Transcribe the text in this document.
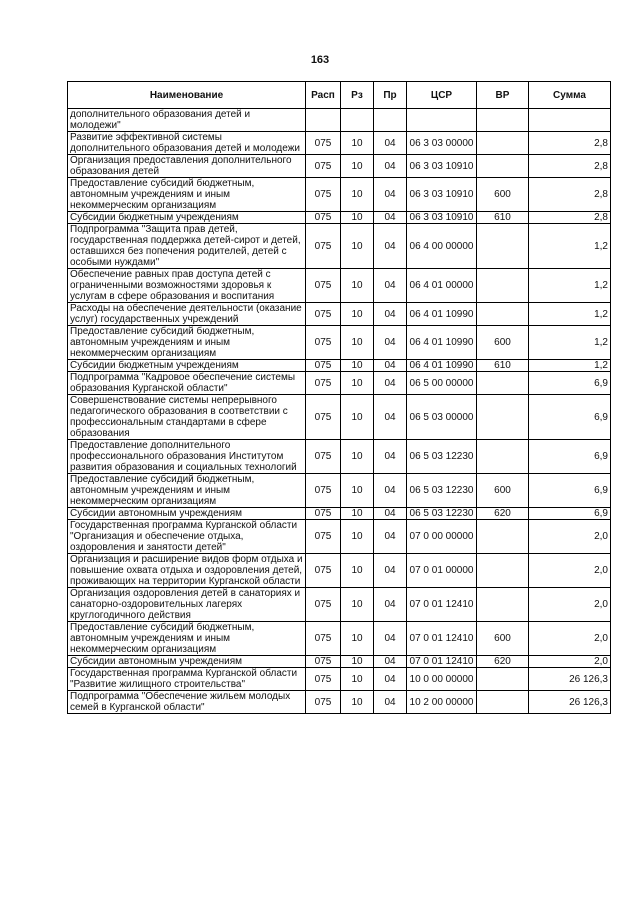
163
Наименование	Расп	Рз	Пр	ЦСР	ВР	Сумма
дополнительного образования детей и молодежи"						
Развитие эффективной системы дополнительного образования детей и молодежи	075	10	04	06 3 03 00000		2,8
Организация предоставления дополнительного образования детей	075	10	04	06 3 03 10910		2,8
Предоставление субсидий бюджетным, автономным учреждениям и иным некоммерческим организациям	075	10	04	06 3 03 10910	600	2,8
Субсидии бюджетным учреждениям	075	10	04	06 3 03 10910	610	2,8
Подпрограмма "Защита прав детей, государственная поддержка детей-сирот и детей, оставшихся без попечения родителей, детей с особыми нуждами"	075	10	04	06 4 00 00000		1,2
Обеспечение равных прав доступа детей с ограниченными возможностями здоровья к услугам в сфере образования и воспитания	075	10	04	06 4 01 00000		1,2
Расходы на обеспечение деятельности (оказание услуг) государственных учреждений	075	10	04	06 4 01 10990		1,2
Предоставление субсидий бюджетным, автономным учреждениям и иным некоммерческим организациям	075	10	04	06 4 01 10990	600	1,2
Субсидии бюджетным учреждениям	075	10	04	06 4 01 10990	610	1,2
Подпрограмма "Кадровое обеспечение системы образования Курганской области"	075	10	04	06 5 00 00000		6,9
Совершенствование системы непрерывного педагогического образования в соответствии с профессиональным стандартами в сфере образования	075	10	04	06 5 03 00000		6,9
Предоставление дополнительного профессионального образования Институтом развития образования и социальных технологий	075	10	04	06 5 03 12230		6,9
Предоставление субсидий бюджетным, автономным учреждениям и иным некоммерческим организациям	075	10	04	06 5 03 12230	600	6,9
Субсидии автономным учреждениям	075	10	04	06 5 03 12230	620	6,9
Государственная программа Курганской области "Организация и обеспечение отдыха, оздоровления и занятости детей"	075	10	04	07 0 00 00000		2,0
Организация и расширение видов форм отдыха и повышение охвата отдыха и оздоровления детей, проживающих на территории Курганской области	075	10	04	07 0 01 00000		2,0
Организация оздоровления детей в санаториях и санаторно-оздоровительных лагерях круглогодичного действия	075	10	04	07 0 01 12410		2,0
Предоставление субсидий бюджетным, автономным учреждениям и иным некоммерческим организациям	075	10	04	07 0 01 12410	600	2,0
Субсидии автономным учреждениям	075	10	04	07 0 01 12410	620	2,0
Государственная программа Курганской области "Развитие жилищного строительства"	075	10	04	10 0 00 00000		26 126,3
Подпрограмма "Обеспечение жильем молодых семей в Курганской области"	075	10	04	10 2 00 00000		26 126,3
